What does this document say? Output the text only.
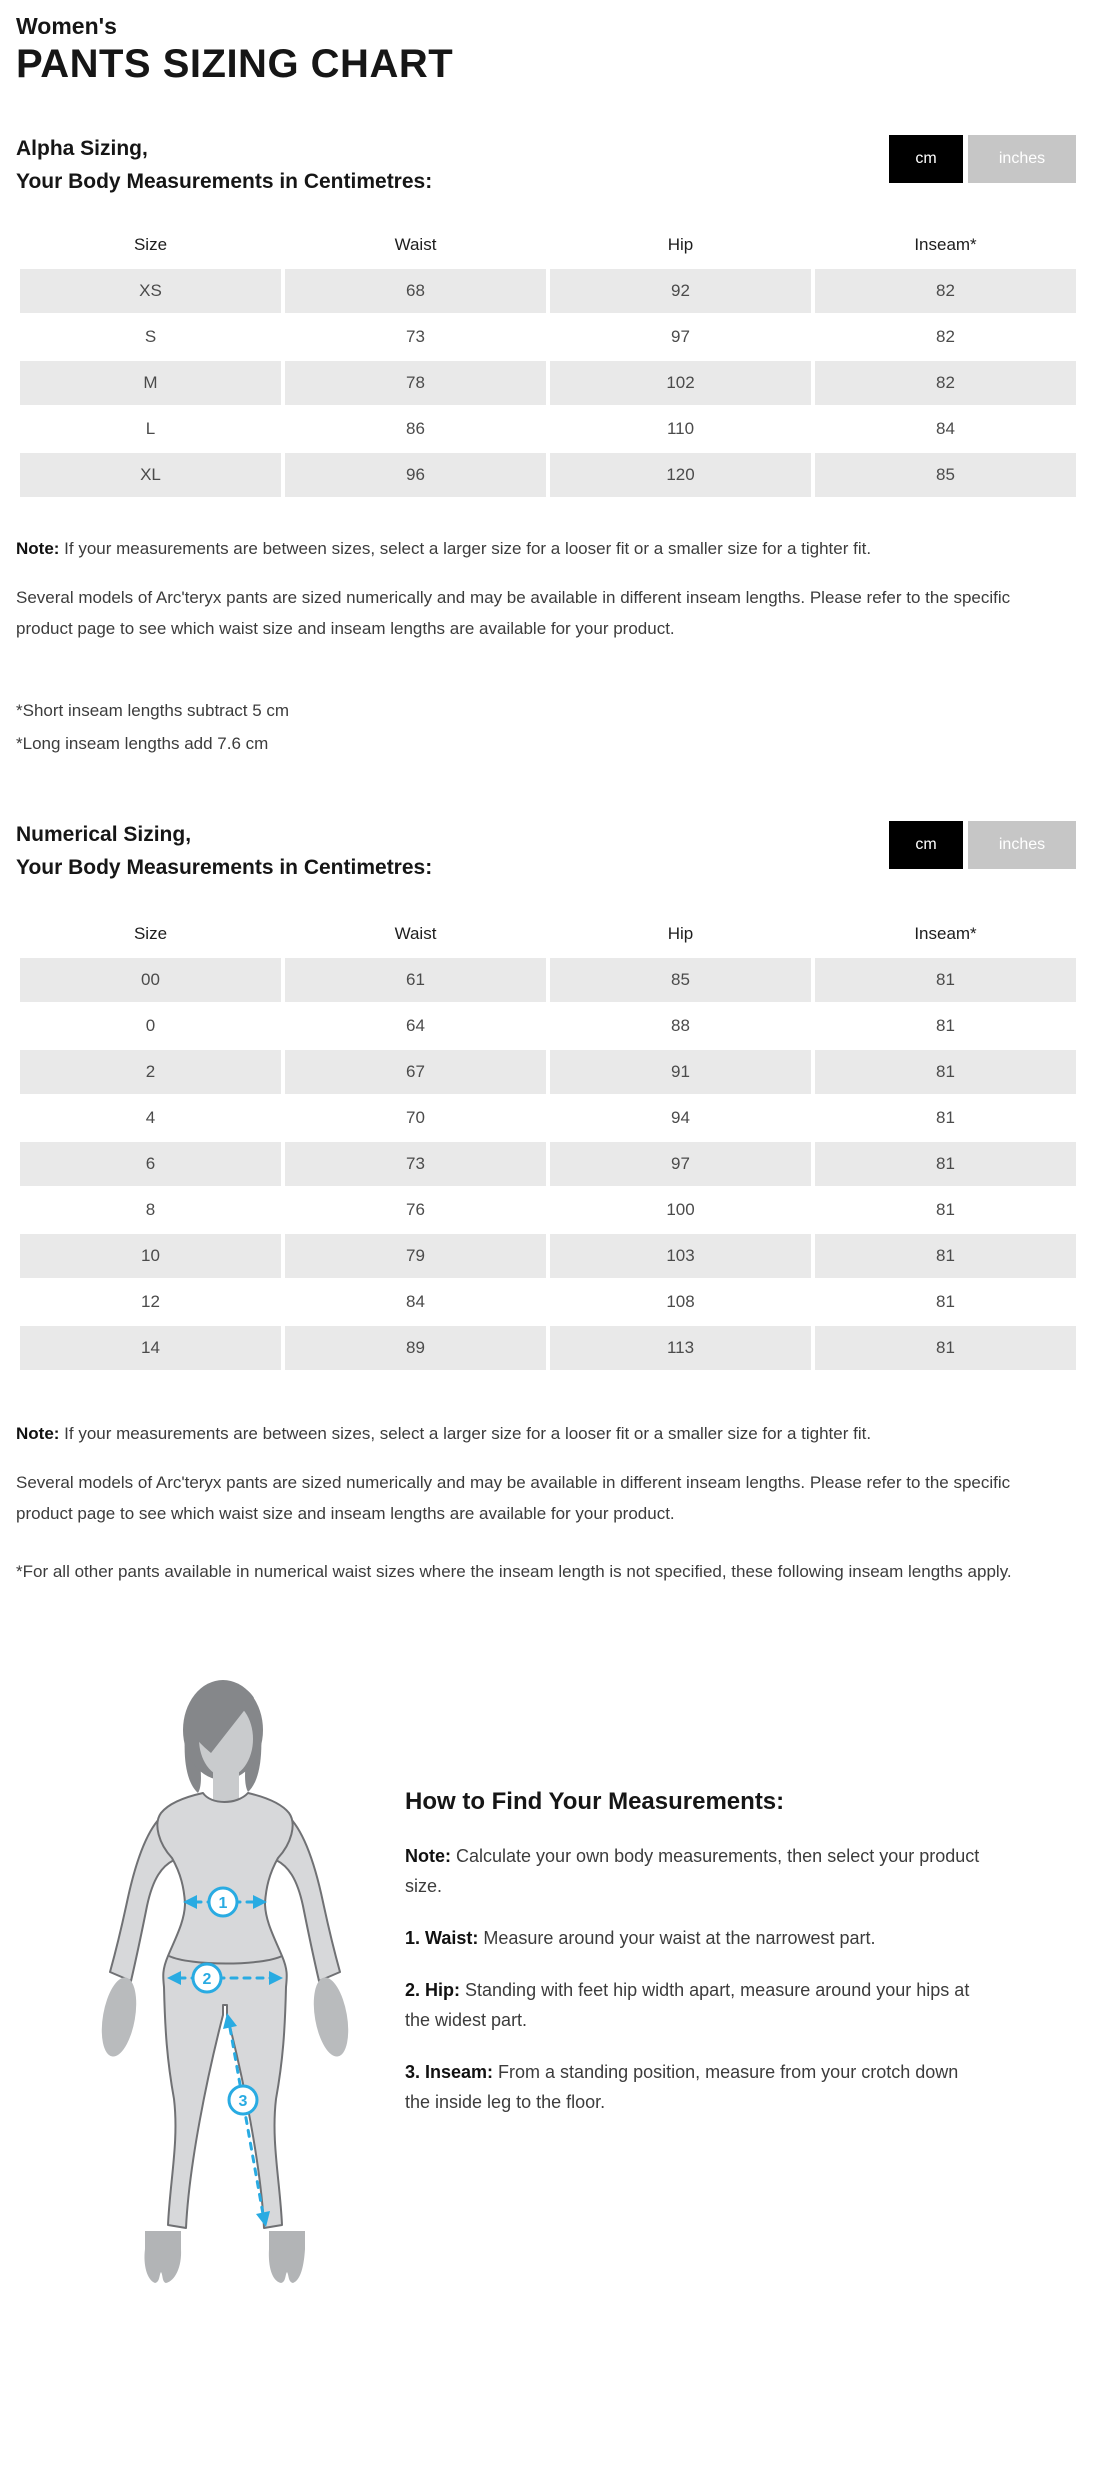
Women's
PANTS SIZING CHART
Alpha Sizing,
Your Body Measurements in Centimetres:
cm	inches
Size	Waist	Hip	Inseam*
XS	68	92	82
S	73	97	82
M	78	102	82
L	86	110	84
XL	96	120	85

Note: If your measurements are between sizes, select a larger size for a looser fit or a smaller size for a tighter fit.

Several models of Arc'teryx pants are sized numerically and may be available in different inseam lengths. Please refer to the specific product page to see which waist size and inseam lengths are available for your product.

*Short inseam lengths subtract 5 cm
*Long inseam lengths add 7.6 cm
Numerical Sizing,
Your Body Measurements in Centimetres:
cm	inches
Size	Waist	Hip	Inseam*
00	61	85	81
0	64	88	81
2	67	91	81
4	70	94	81
6	73	97	81
8	76	100	81
10	79	103	81
12	84	108	81
14	89	113	81

Note: If your measurements are between sizes, select a larger size for a looser fit or a smaller size for a tighter fit.

Several models of Arc'teryx pants are sized numerically and may be available in different inseam lengths. Please refer to the specific product page to see which waist size and inseam lengths are available for your product.

*For all other pants available in numerical waist sizes where the inseam length is not specified, these following inseam lengths apply.

1
2
3
How to Find Your Measurements:

Note: Calculate your own body measurements, then select your product size.

1. Waist: Measure around your waist at the narrowest part.

2. Hip: Standing with feet hip width apart, measure around your hips at the widest part.

3. Inseam: From a standing position, measure from your crotch down the inside leg to the floor.
